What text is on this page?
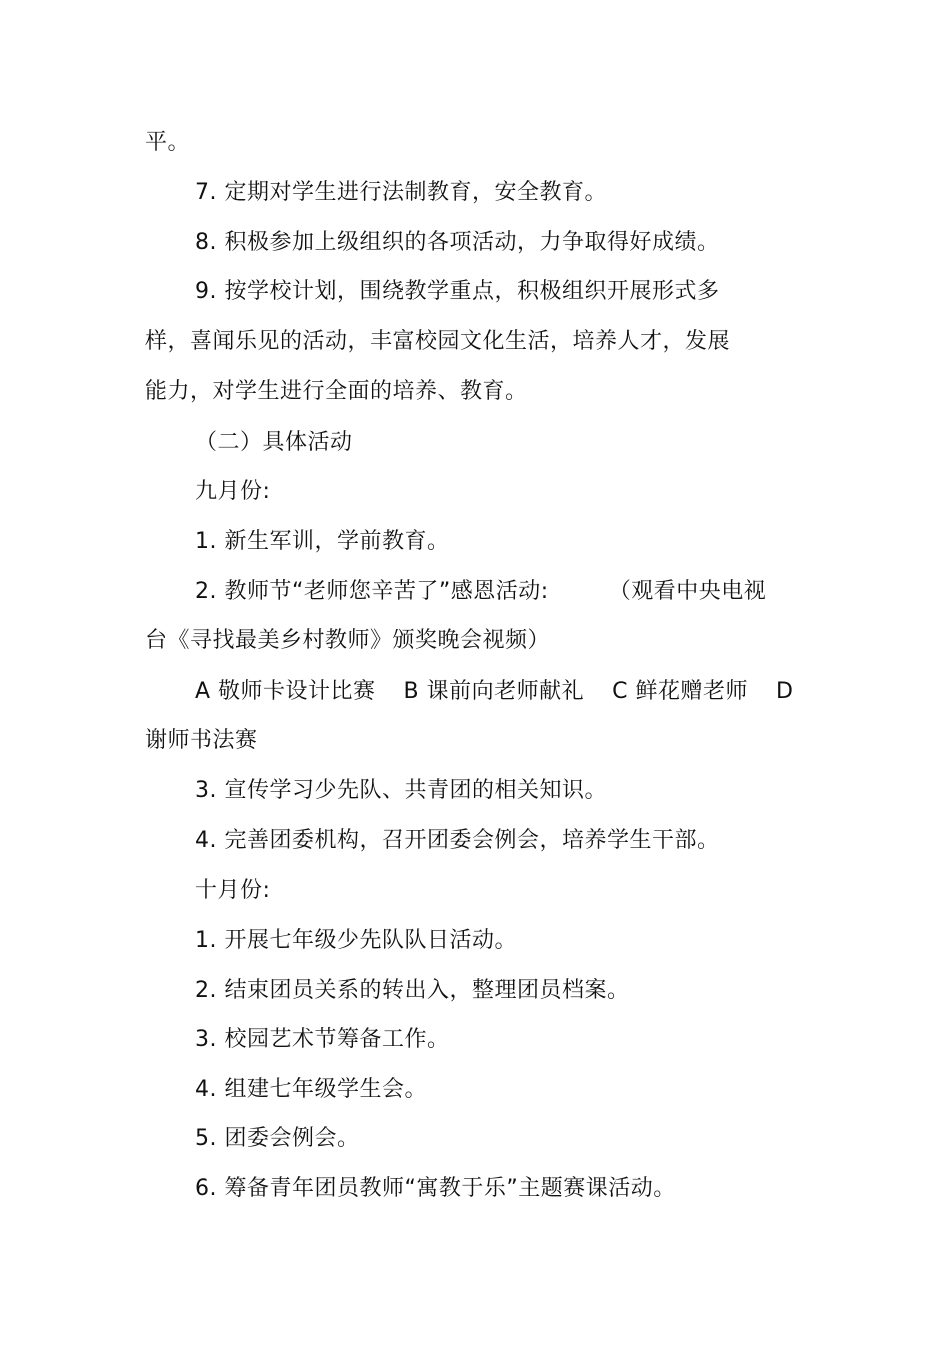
平。
7. 定期对学生进行法制教育，安全教育。
8. 积极参加上级组织的各项活动，力争取得好成绩。
9. 按学校计划，围绕教学重点，积极组织开展形式多
样，喜闻乐见的活动，丰富校园文化生活，培养人才，发展
能力，对学生进行全面的培养、教育。
（二）具体活动
九月份:
1. 新生军训，学前教育。
2. 教师节“老师您辛苦了”感恩活动:	（观看中央电视
台《寻找最美乡村教师》颁奖晚会视频）
A 敬师卡设计比赛 B 课前向老师献礼 C 鲜花赠老师 D
谢师书法赛
3. 宣传学习少先队、共青团的相关知识。
4. 完善团委机构，召开团委会例会，培养学生干部。
十月份:
1. 开展七年级少先队队日活动。
2. 结束团员关系的转出入，整理团员档案。
3. 校园艺术节筹备工作。
4. 组建七年级学生会。
5. 团委会例会。
6. 筹备青年团员教师“寓教于乐”主题赛课活动。
